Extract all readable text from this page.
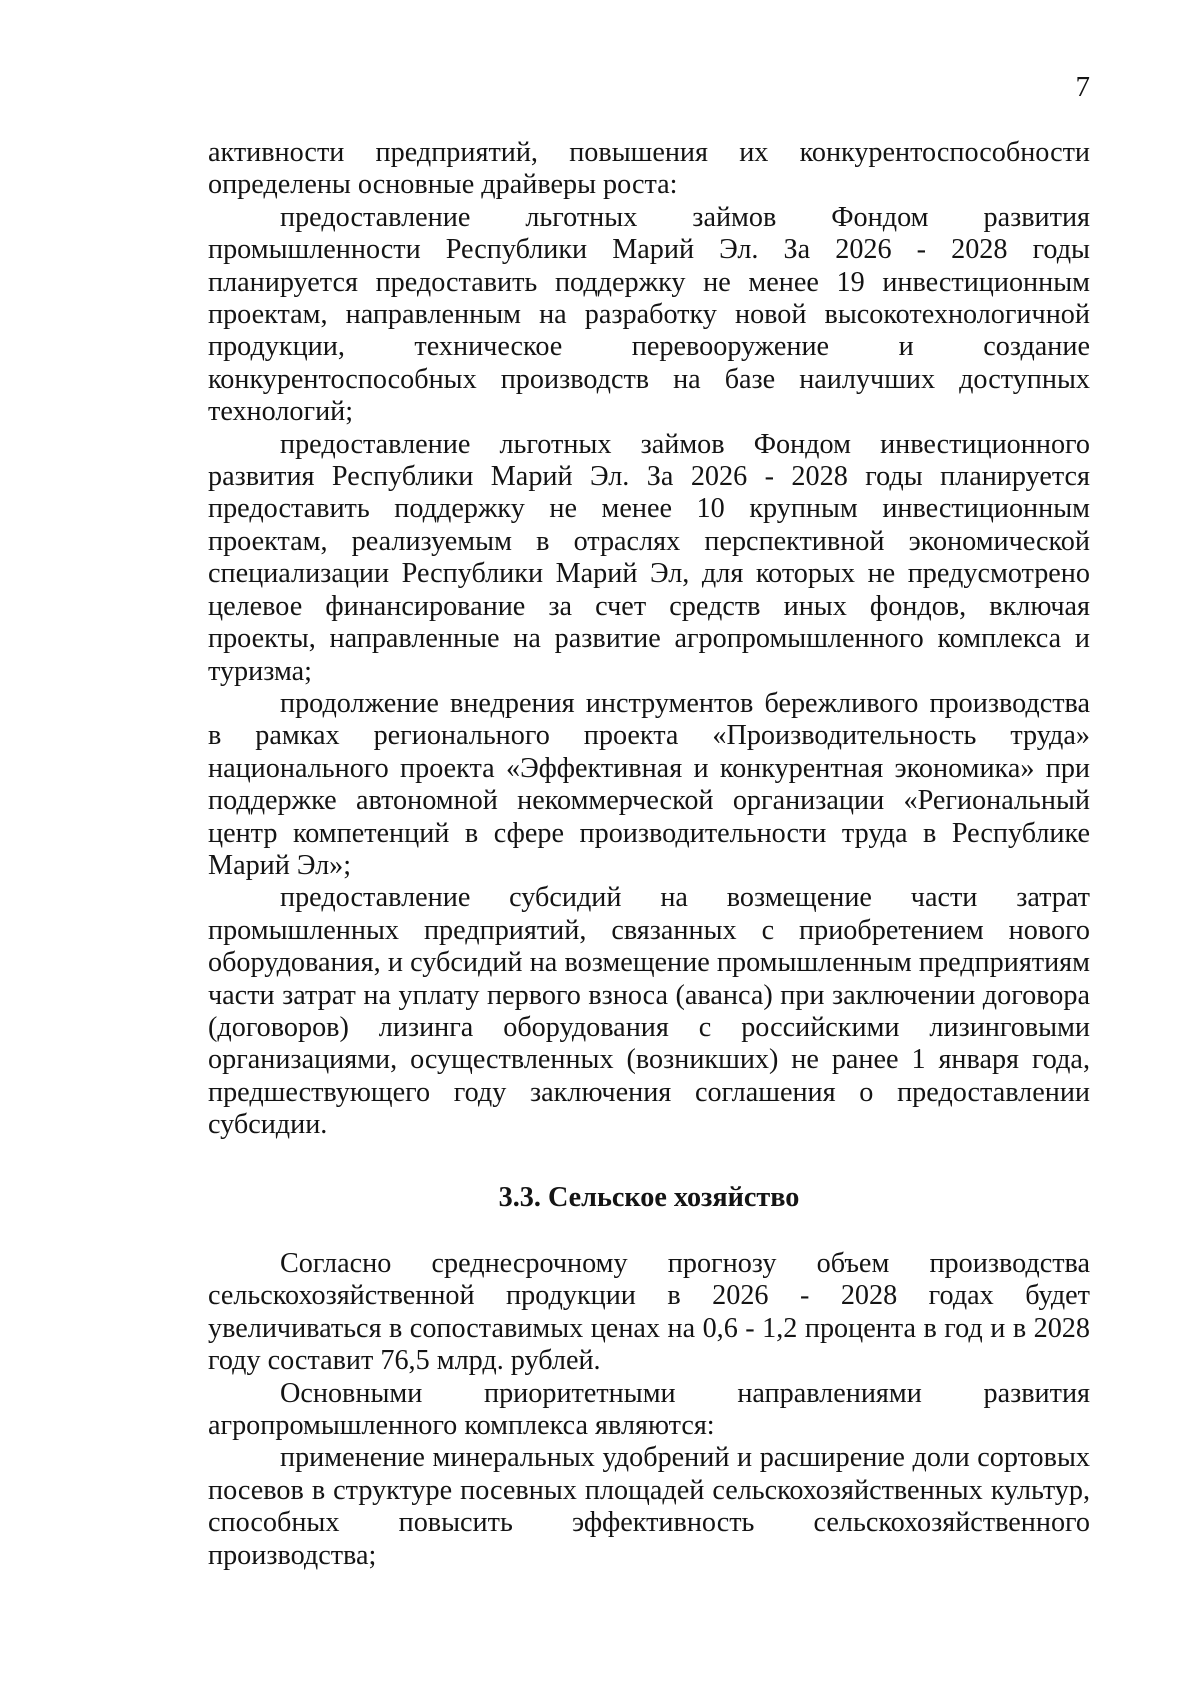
7

активности предприятий, повышения их конкурентоспособности определены основные драйверы роста:

предоставление льготных займов Фондом развития промышленности Республики Марий Эл. За 2026 - 2028 годы планируется предоставить поддержку не менее 19 инвестиционным проектам, направленным на разработку новой высокотехнологичной продукции, техническое перевооружение и создание конкурентоспособных производств на базе наилучших доступных технологий;

предоставление льготных займов Фондом инвестиционного развития Республики Марий Эл. За 2026 - 2028 годы планируется предоставить поддержку не менее 10 крупным инвестиционным проектам, реализуемым в отраслях перспективной экономической специализации Республики Марий Эл, для которых не предусмотрено целевое финансирование за счет средств иных фондов, включая проекты, направленные на развитие агропромышленного комплекса и туризма;

продолжение внедрения инструментов бережливого производства в рамках регионального проекта «Производительность труда» национального проекта «Эффективная и конкурентная экономика» при поддержке автономной некоммерческой организации «Региональный центр компетенций в сфере производительности труда в Республике Марий Эл»;

предоставление субсидий на возмещение части затрат промышленных предприятий, связанных с приобретением нового оборудования, и субсидий на возмещение промышленным предприятиям части затрат на уплату первого взноса (аванса) при заключении договора (договоров) лизинга оборудования с российскими лизинговыми организациями, осуществленных (возникших) не ранее 1 января года, предшествующего году заключения соглашения о предоставлении субсидии.

3.3. Сельское хозяйство

Согласно среднесрочному прогнозу объем производства сельскохозяйственной продукции в 2026 - 2028 годах будет увеличиваться в сопоставимых ценах на 0,6 - 1,2 процента в год и в 2028 году составит 76,5 млрд. рублей.

Основными приоритетными направлениями развития агропромышленного комплекса являются:

применение минеральных удобрений и расширение доли сортовых посевов в структуре посевных площадей сельскохозяйственных культур, способных повысить эффективность сельскохозяйственного производства;
